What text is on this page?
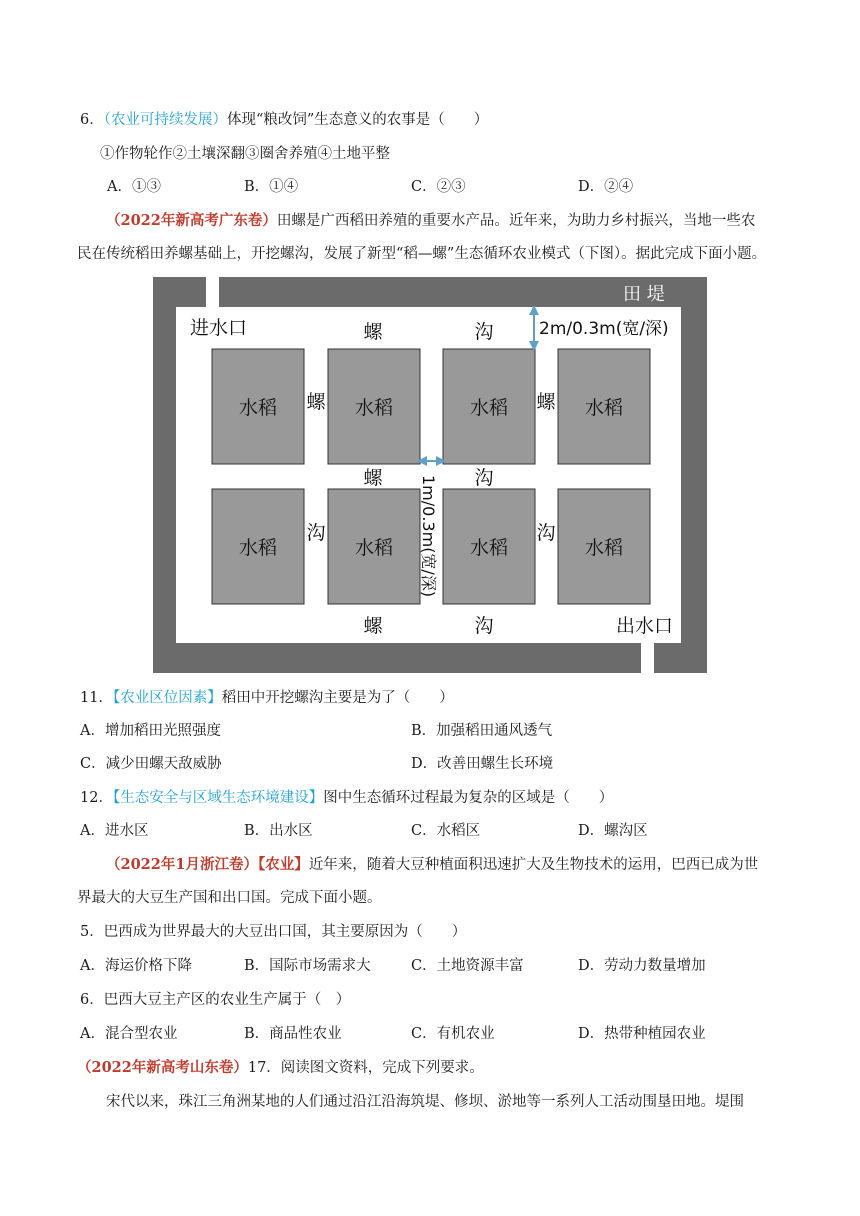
6．（农业可持续发展）体现“粮改饲”生态意义的农事是（　　）
①作物轮作②土壤深翻③圈舍养殖④土地平整
A．①③	B．①④	C．②③	D．②④
（2022年新高考广东卷）田螺是广西稻田养殖的重要水产品。近年来，为助力乡村振兴，当地一些农
民在传统稻田养螺基础上，开挖螺沟，发展了新型“稻—螺”生态循环农业模式（下图）。据此完成下面小题。
水稻	水稻	水稻	水稻
水稻	水稻	水稻	水稻
田 堤
进水口
出水口
螺	沟
螺	螺
螺	沟
沟	沟
螺	沟
2m/0.3m(宽/深)
1m/0.3m(宽/深)
11．【农业区位因素】稻田中开挖螺沟主要是为了（　　）
A．增加稻田光照强度	B．加强稻田通风透气
C．减少田螺天敌威胁	D．改善田螺生长环境
12．【生态安全与区域生态环境建设】图中生态循环过程最为复杂的区域是（　　）
A．进水区	B．出水区	C．水稻区	D．螺沟区
（2022年1月浙江卷）【农业】近年来，随着大豆种植面积迅速扩大及生物技术的运用，巴西已成为世
界最大的大豆生产国和出口国。完成下面小题。
5．巴西成为世界最大的大豆出口国，其主要原因为（　　）
A．海运价格下降	B．国际市场需求大	C．土地资源丰富	D．劳动力数量增加
6．巴西大豆主产区的农业生产属于（　）
A．混合型农业	B．商品性农业	C．有机农业	D．热带种植园农业
（2022年新高考山东卷）17．阅读图文资料，完成下列要求。
宋代以来，珠江三角洲某地的人们通过沿江沿海筑堤、修坝、淤地等一系列人工活动围垦田地。堤围
